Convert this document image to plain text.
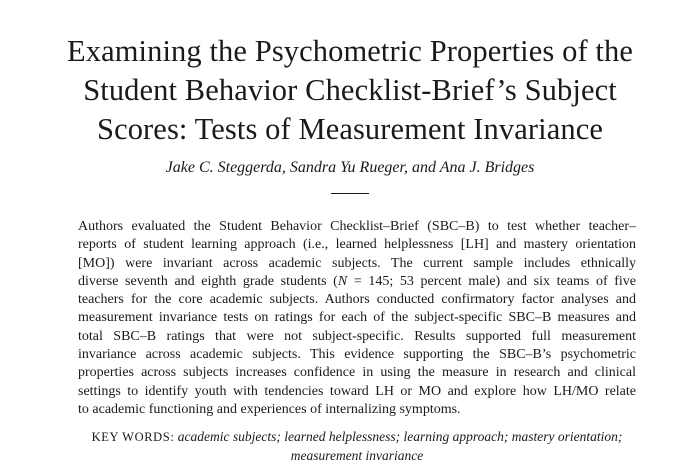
Examining the Psychometric Properties of the
Student Behavior Checklist-Brief’s Subject
Scores: Tests of Measurement Invariance
Jake C. Steggerda, Sandra Yu Rueger, and Ana J. Bridges
Authors evaluated the Student Behavior Checklist–Brief (SBC–B) to test whether teacher–
reports of student learning approach (i.e., learned helplessness [LH] and mastery orientation
[MO]) were invariant across academic subjects. The current sample includes ethnically
diverse seventh and eighth grade students (N = 145; 53 percent male) and six teams of five
teachers for the core academic subjects. Authors conducted confirmatory factor analyses and
measurement invariance tests on ratings for each of the subject-specific SBC–B measures and
total SBC–B ratings that were not subject-specific. Results supported full measurement
invariance across academic subjects. This evidence supporting the SBC–B’s psychometric
properties across subjects increases confidence in using the measure in research and clinical
settings to identify youth with tendencies toward LH or MO and explore how LH/MO relate
to academic functioning and experiences of internalizing symptoms.
KEY WORDS: academic subjects; learned helplessness; learning approach; mastery orientation;
measurement invariance
